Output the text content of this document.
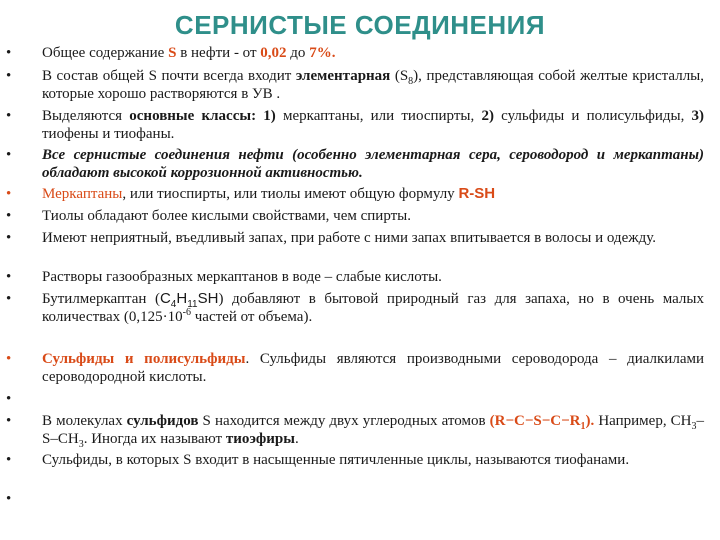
СЕРНИСТЫЕ СОЕДИНЕНИЯ
•	Общее содержание S в нефти - от 0,02 до 7%.
•	В состав общей S почти всегда входит элементарная $(S_8)$, представляющая собой желтые кристаллы, которые хорошо растворяются в УВ .
•	Выделяются основные классы: 1) меркаптаны, или тиоспирты, 2) сульфиды и полисульфиды, 3) тиофены и тиофаны.
•	Все сернистые соединения нефти (особенно элементарная сера, сероводород и меркаптаны) обладают высокой коррозионной активностью.
•	Меркаптаны, или тиоспирты, или тиолы имеют общую формулу R-SH
•	Тиолы обладают более кислыми свойствами, чем спирты.
•	Имеют неприятный, въедливый запах, при работе с ними запах впитывается в волосы и одежду.
•	Растворы газообразных меркаптанов в воде – слабые кислоты.
•	Бутилмеркаптан $(C_4H_{11}SH)$ добавляют в бытовой природный газ для запаха, но в очень малых количествах ($0,125\cdot 10^{-6}$ частей от объема).
•	Сульфиды и полисульфиды. Сульфиды являются производными сероводорода – диалкилами сероводородной кислоты.
•
•	В молекулах сульфидов S находится между двух углеродных атомов $(R-C-S-C-R_1)$. Например, $CH_3-S-CH_3$. Иногда их называют тиоэфиры.
•	Сульфиды, в которых S входит в насыщенные пятичленные циклы, называются тиофанами.
•
